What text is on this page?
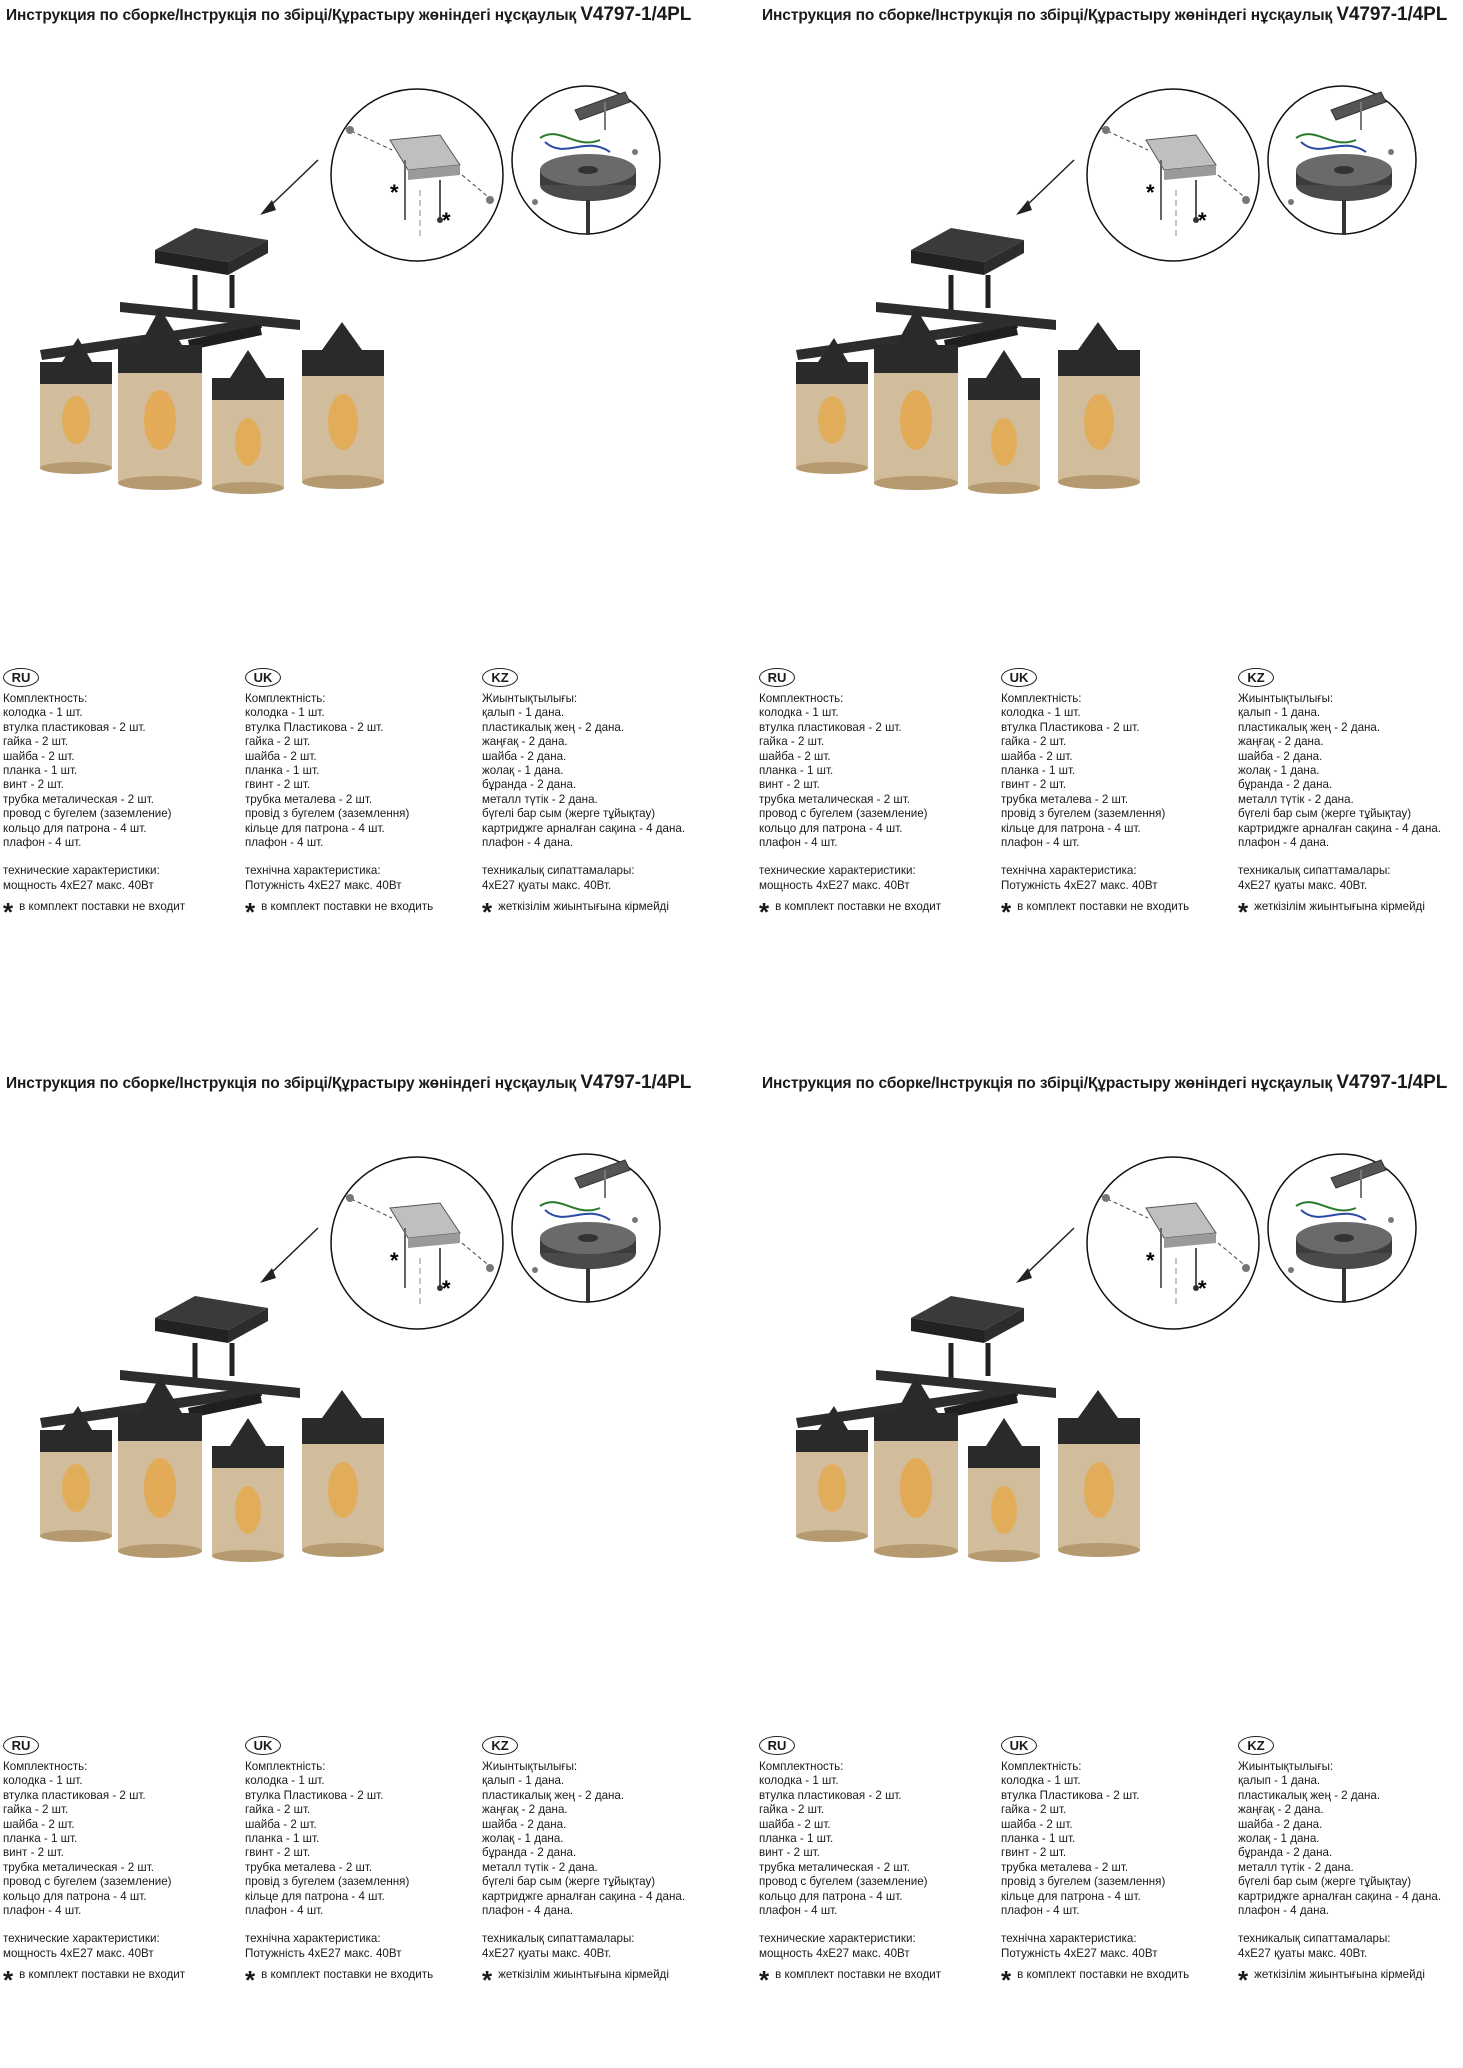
Инструкция по сборке/Інструкція по збірці/Құрастыру жөніндегі нұсқаулық V4797-1/4PL
*
*
RU
Комплектность:
колодка - 1 шт.
втулка пластиковая - 2 шт.
гайка - 2 шт.
шайба - 2 шт.
планка - 1 шт.
винт - 2 шт.
трубка металическая - 2 шт.
провод с бугелем (заземление)
кольцо для патрона - 4 шт.
плафон - 4 шт.
технические характеристики:
мощность 4хЕ27 макс. 40Вт
* в комплект поставки не входит
UK
Комплектність:
колодка - 1 шт.
втулка Пластикова - 2 шт.
гайка - 2 шт.
шайба - 2 шт.
планка - 1 шт.
гвинт - 2 шт.
трубка металева - 2 шт.
провід з бугелем (заземлення)
кільце для патрона - 4 шт.
плафон - 4 шт.
технічна характеристика:
Потужність 4хЕ27 макс. 40Вт
* в комплект поставки не входить
KZ
Жиынтықтылығы:
қалып - 1 дана.
пластикалық жең - 2 дана.
жаңғақ - 2 дана.
шайба - 2 дана.
жолақ - 1 дана.
бұранда - 2 дана.
металл түтік - 2 дана.
бүгелі бар сым (жерге тұйықтау)
картриджге арналған сақина - 4 дана.
плафон - 4 дана.
техникалық сипаттамалары:
4хЕ27 қуаты макс. 40Вт.
* жеткізілім жиынтығына кірмейді
Инструкция по сборке/Інструкція по збірці/Құрастыру жөніндегі нұсқаулық V4797-1/4PL
*
*
RU
Комплектность:
колодка - 1 шт.
втулка пластиковая - 2 шт.
гайка - 2 шт.
шайба - 2 шт.
планка - 1 шт.
винт - 2 шт.
трубка металическая - 2 шт.
провод с бугелем (заземление)
кольцо для патрона - 4 шт.
плафон - 4 шт.
технические характеристики:
мощность 4хЕ27 макс. 40Вт
* в комплект поставки не входит
UK
Комплектність:
колодка - 1 шт.
втулка Пластикова - 2 шт.
гайка - 2 шт.
шайба - 2 шт.
планка - 1 шт.
гвинт - 2 шт.
трубка металева - 2 шт.
провід з бугелем (заземлення)
кільце для патрона - 4 шт.
плафон - 4 шт.
технічна характеристика:
Потужність 4хЕ27 макс. 40Вт
* в комплект поставки не входить
KZ
Жиынтықтылығы:
қалып - 1 дана.
пластикалық жең - 2 дана.
жаңғақ - 2 дана.
шайба - 2 дана.
жолақ - 1 дана.
бұранда - 2 дана.
металл түтік - 2 дана.
бүгелі бар сым (жерге тұйықтау)
картриджге арналған сақина - 4 дана.
плафон - 4 дана.
техникалық сипаттамалары:
4хЕ27 қуаты макс. 40Вт.
* жеткізілім жиынтығына кірмейді
Инструкция по сборке/Інструкція по збірці/Құрастыру жөніндегі нұсқаулық V4797-1/4PL
*
*
RU
Комплектность:
колодка - 1 шт.
втулка пластиковая - 2 шт.
гайка - 2 шт.
шайба - 2 шт.
планка - 1 шт.
винт - 2 шт.
трубка металическая - 2 шт.
провод с бугелем (заземление)
кольцо для патрона - 4 шт.
плафон - 4 шт.
технические характеристики:
мощность 4хЕ27 макс. 40Вт
* в комплект поставки не входит
UK
Комплектність:
колодка - 1 шт.
втулка Пластикова - 2 шт.
гайка - 2 шт.
шайба - 2 шт.
планка - 1 шт.
гвинт - 2 шт.
трубка металева - 2 шт.
провід з бугелем (заземлення)
кільце для патрона - 4 шт.
плафон - 4 шт.
технічна характеристика:
Потужність 4хЕ27 макс. 40Вт
* в комплект поставки не входить
KZ
Жиынтықтылығы:
қалып - 1 дана.
пластикалық жең - 2 дана.
жаңғақ - 2 дана.
шайба - 2 дана.
жолақ - 1 дана.
бұранда - 2 дана.
металл түтік - 2 дана.
бүгелі бар сым (жерге тұйықтау)
картриджге арналған сақина - 4 дана.
плафон - 4 дана.
техникалық сипаттамалары:
4хЕ27 қуаты макс. 40Вт.
* жеткізілім жиынтығына кірмейді
Инструкция по сборке/Інструкція по збірці/Құрастыру жөніндегі нұсқаулық V4797-1/4PL
*
*
RU
Комплектность:
колодка - 1 шт.
втулка пластиковая - 2 шт.
гайка - 2 шт.
шайба - 2 шт.
планка - 1 шт.
винт - 2 шт.
трубка металическая - 2 шт.
провод с бугелем (заземление)
кольцо для патрона - 4 шт.
плафон - 4 шт.
технические характеристики:
мощность 4хЕ27 макс. 40Вт
* в комплект поставки не входит
UK
Комплектність:
колодка - 1 шт.
втулка Пластикова - 2 шт.
гайка - 2 шт.
шайба - 2 шт.
планка - 1 шт.
гвинт - 2 шт.
трубка металева - 2 шт.
провід з бугелем (заземлення)
кільце для патрона - 4 шт.
плафон - 4 шт.
технічна характеристика:
Потужність 4хЕ27 макс. 40Вт
* в комплект поставки не входить
KZ
Жиынтықтылығы:
қалып - 1 дана.
пластикалық жең - 2 дана.
жаңғақ - 2 дана.
шайба - 2 дана.
жолақ - 1 дана.
бұранда - 2 дана.
металл түтік - 2 дана.
бүгелі бар сым (жерге тұйықтау)
картриджге арналған сақина - 4 дана.
плафон - 4 дана.
техникалық сипаттамалары:
4хЕ27 қуаты макс. 40Вт.
* жеткізілім жиынтығына кірмейді
